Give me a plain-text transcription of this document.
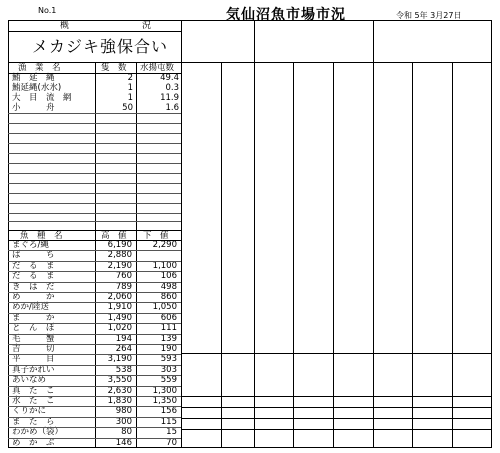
No.1	気仙沼魚市場市況	令和 5年 3月27日
概	況
メカジキ強保合い
漁　業　名	隻　数 水揚屯数
鮪　延　縄	2	49.4
鮪延縄(水氷)	1	0.3
大　目　流　網	1	11.9
小　　　舟	50	1.6
魚　種　名	高　値 下　値
まぐろ/縄	6,190	2,290
ば　　　ち	2,880
だ　る　ま	2,190	1,100
だ　る　ま	760	106
き　は　だ	789	498
め　　　か	2,060	860
めか/陸送	1,910	1,050
ま　　　か	1,490	606
と　ん　ぼ	1,020	111
毛　　　蟹	194	139
吉　　　切	264	190
平　　　目	3,190	593
真子かれい	538	303
あいなめ	3,550	559
真　た　こ	2,630	1,300
水　た　こ	1,830	1,350
くりかに	980	156
ま　た　ら	300	115
わかめ（袋）	80	15
め　か　ぶ	146	70
